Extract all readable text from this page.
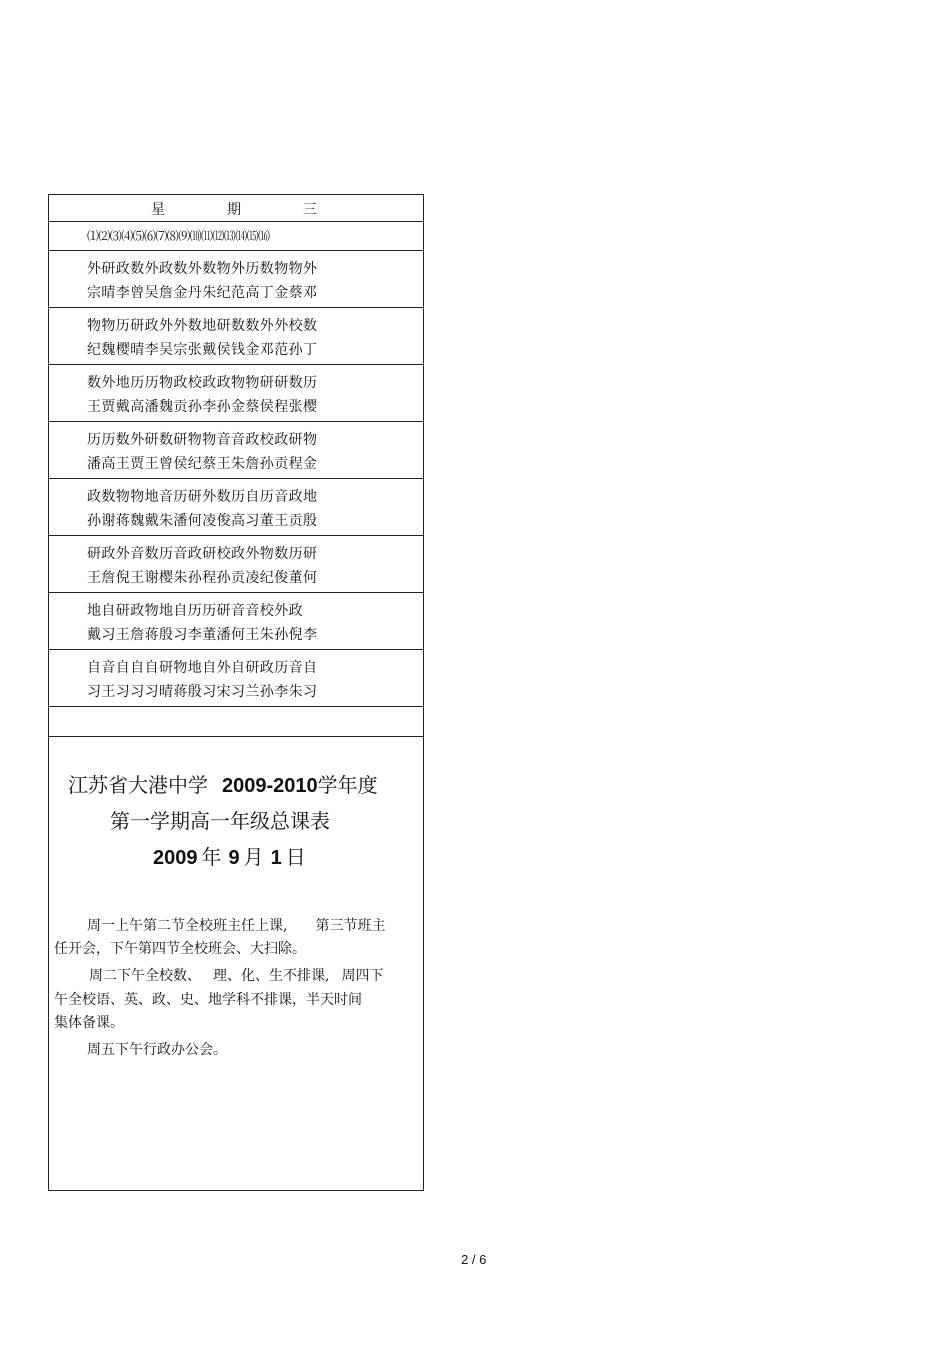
星	期	三
⑴⑵⑶⑷⑸⑹⑺⑻⑼⑽⑾⑿⒀⒁⒂⒃
外研政数外政数外数物外历数物物外
宗晴李曾吴詹金丹朱纪范高丁金蔡邓
物物历研政外外数地研数数外外校数
纪魏樱晴李吴宗张戴侯钱金邓范孙丁
数外地历历物政校政政物物研研数历
王贾戴高潘魏贡孙李孙金蔡侯程张樱
历历数外研数研物物音音政校政研物
潘高王贾王曾侯纪蔡王朱詹孙贡程金
政数物物地音历研外数历自历音政地
孙谢蒋魏戴朱潘何凌俊高习董王贡殷
研政外音数历音政研校政外物数历研
王詹倪王谢樱朱孙程孙贡凌纪俊董何
地自研政物地自历历研音音校外政
戴习王詹蒋殷习李董潘何王朱孙倪李
自音自自自研物地自外自研政历音自
习王习习习晴蒋殷习宋习兰孙李朱习
江苏省大港中学 2009-2010学年度
第一学期高一年级总课表
2009 年 9 月 1 日
周一上午第二节全校班主任上课, 第三节班主
任开会，下午第四节全校班会、大扫除。
周二下午全校数、 理、化、生不排课, 周四下
午全校语、英、政、史、地学科不排课，半天时间
集体备课。
周五下午行政办公会。
2 / 6
